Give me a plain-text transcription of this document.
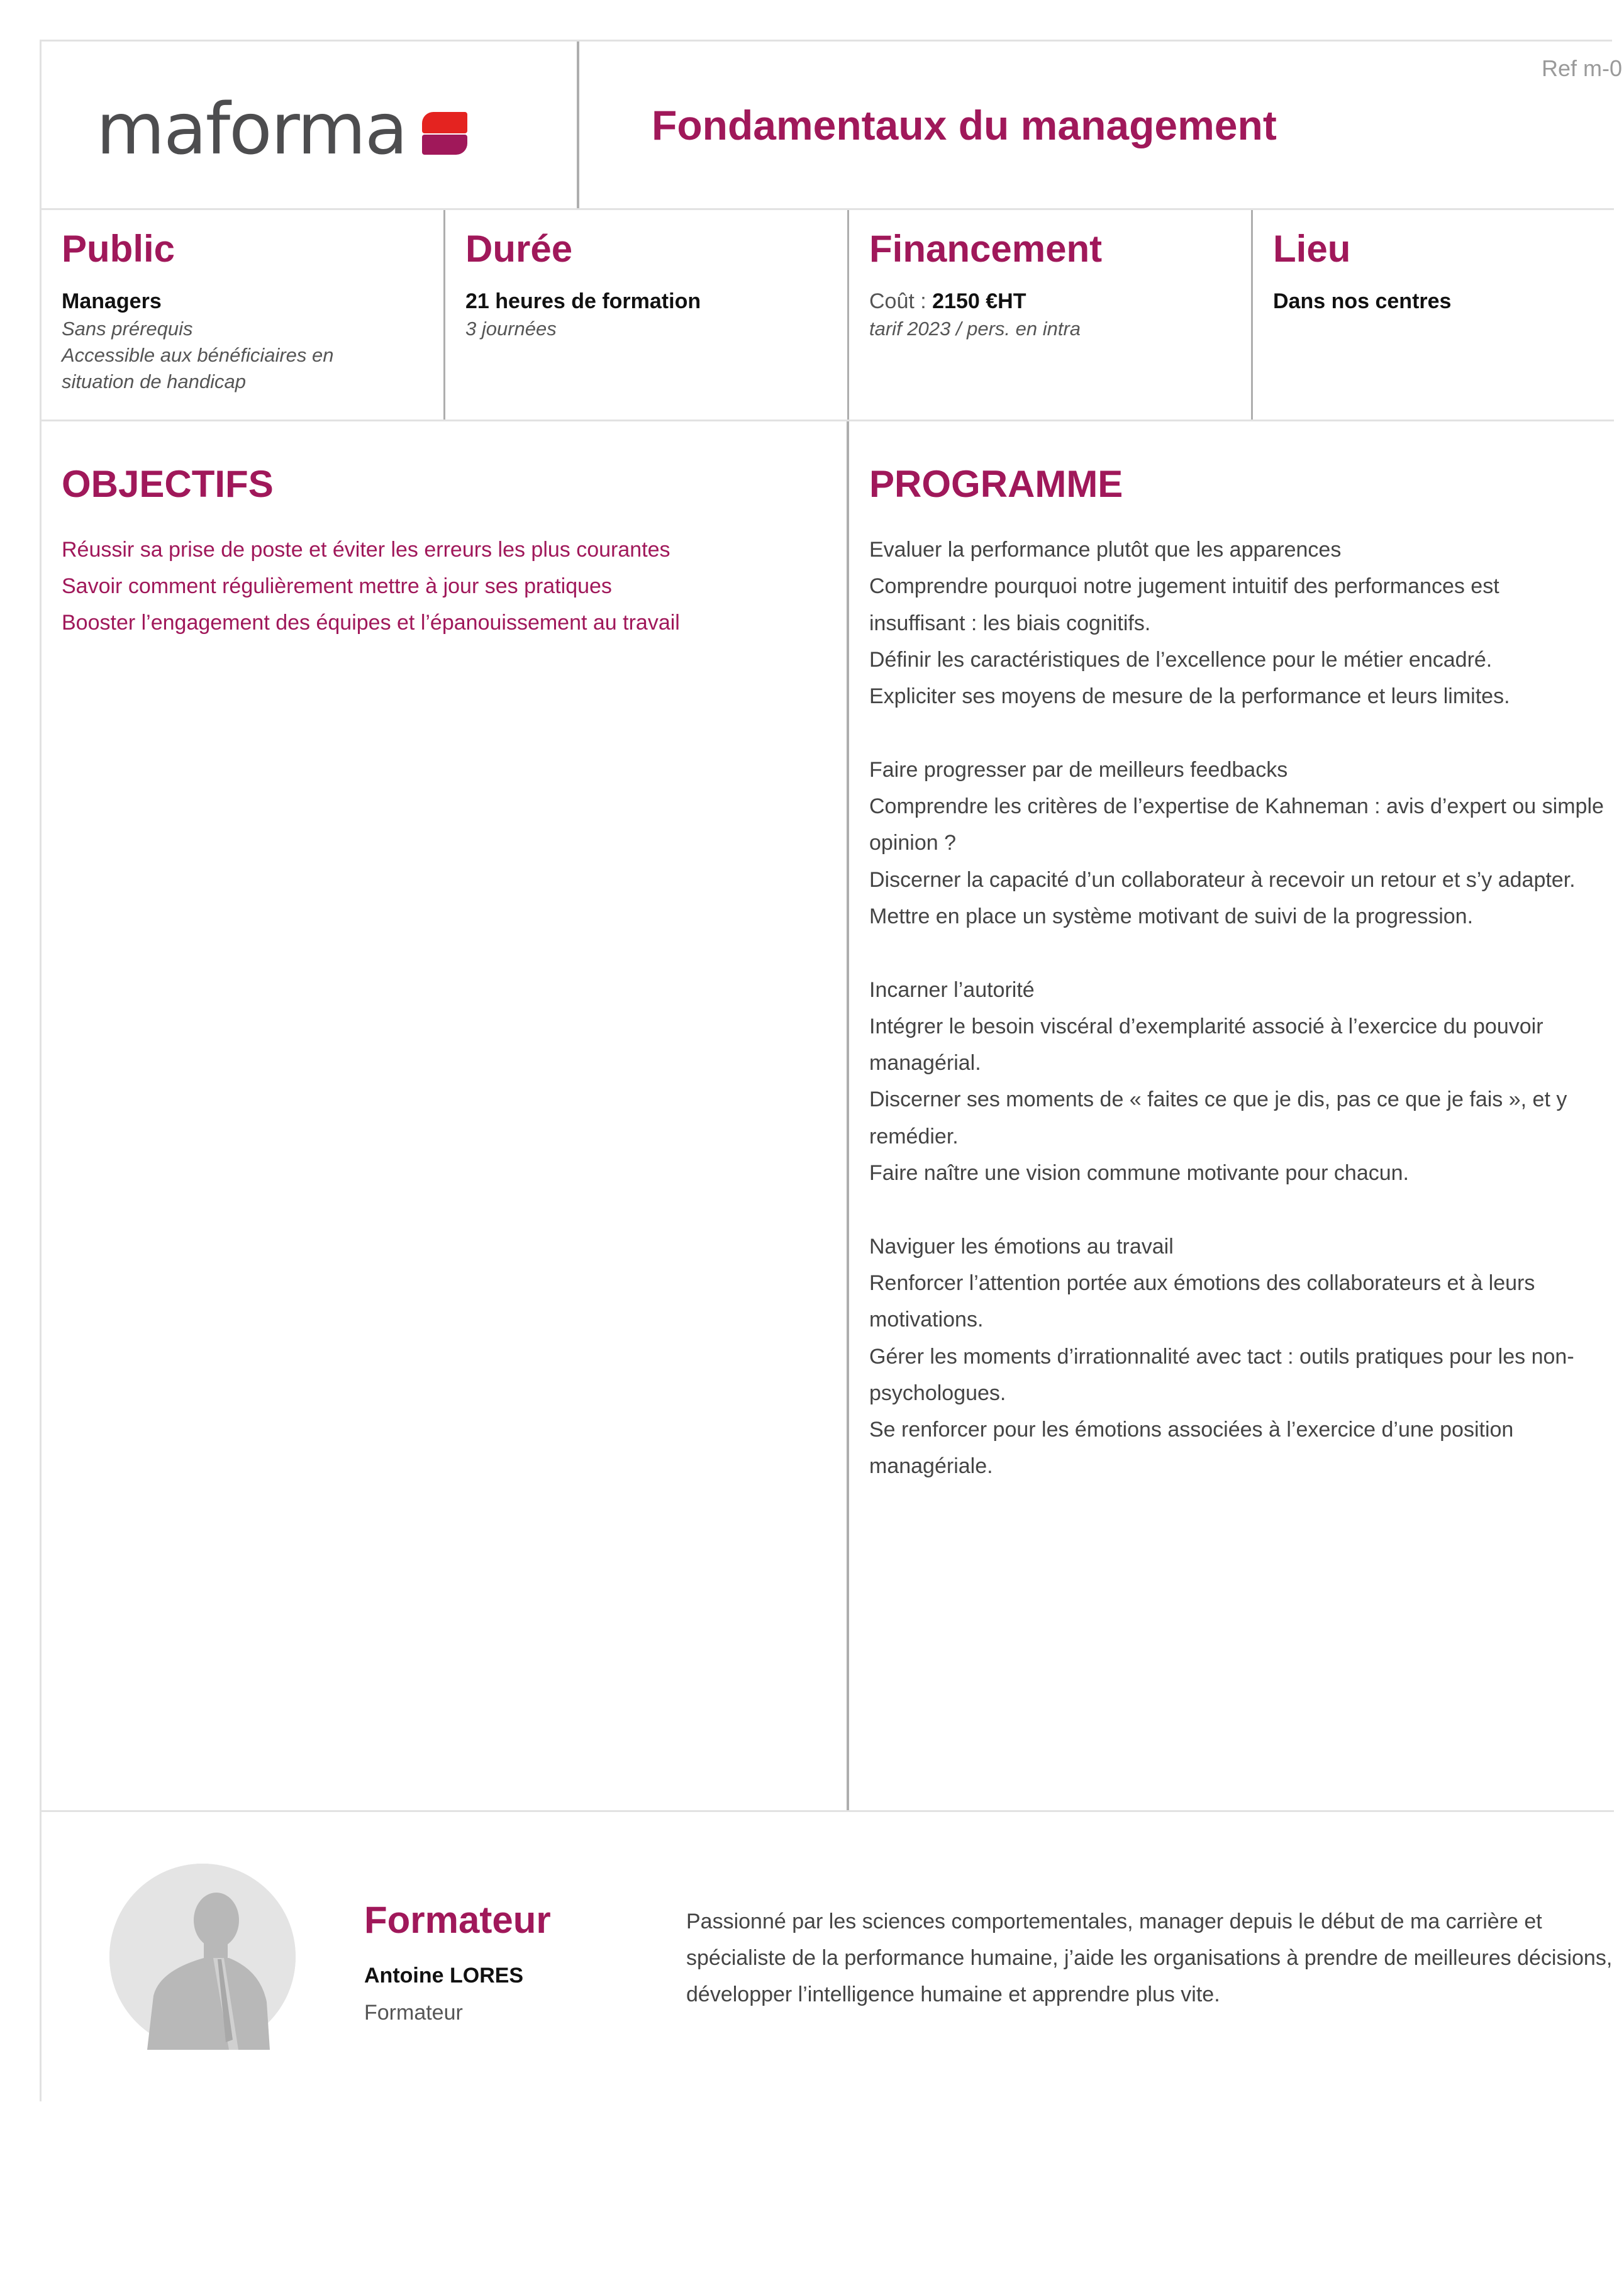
maforma
Ref m-0
Fondamentaux du management
Public
Managers
Sans prérequis
Accessible aux bénéficiaires en
situation de handicap
Durée
21 heures de formation
3 journées
Financement
Coût : 2150 €HT
tarif 2023 / pers. en intra
Lieu
Dans nos centres
OBJECTIFS
Réussir sa prise de poste et éviter les erreurs les plus courantes
Savoir comment régulièrement mettre à jour ses pratiques
Booster l’engagement des équipes et l’épanouissement au travail
PROGRAMME
Evaluer la performance plutôt que les apparences
Comprendre pourquoi notre jugement intuitif des performances est
insuffisant : les biais cognitifs.
Définir les caractéristiques de l’excellence pour le métier encadré.
Expliciter ses moyens de mesure de la performance et leurs limites.
Faire progresser par de meilleurs feedbacks
Comprendre les critères de l’expertise de Kahneman : avis d’expert ou simple
opinion ?
Discerner la capacité d’un collaborateur à recevoir un retour et s’y adapter.
Mettre en place un système motivant de suivi de la progression.
Incarner l’autorité
Intégrer le besoin viscéral d’exemplarité associé à l’exercice du pouvoir
managérial.
Discerner ses moments de « faites ce que je dis, pas ce que je fais », et y
remédier.
Faire naître une vision commune motivante pour chacun.
Naviguer les émotions au travail
Renforcer l’attention portée aux émotions des collaborateurs et à leurs
motivations.
Gérer les moments d’irrationnalité avec tact : outils pratiques pour les non-
psychologues.
Se renforcer pour les émotions associées à l’exercice d’une position
managériale.
Formateur
Antoine LORES
Formateur
Passionné par les sciences comportementales, manager depuis le début de ma carrière et
spécialiste de la performance humaine, j’aide les organisations à prendre de meilleures décisions,
développer l’intelligence humaine et apprendre plus vite.
